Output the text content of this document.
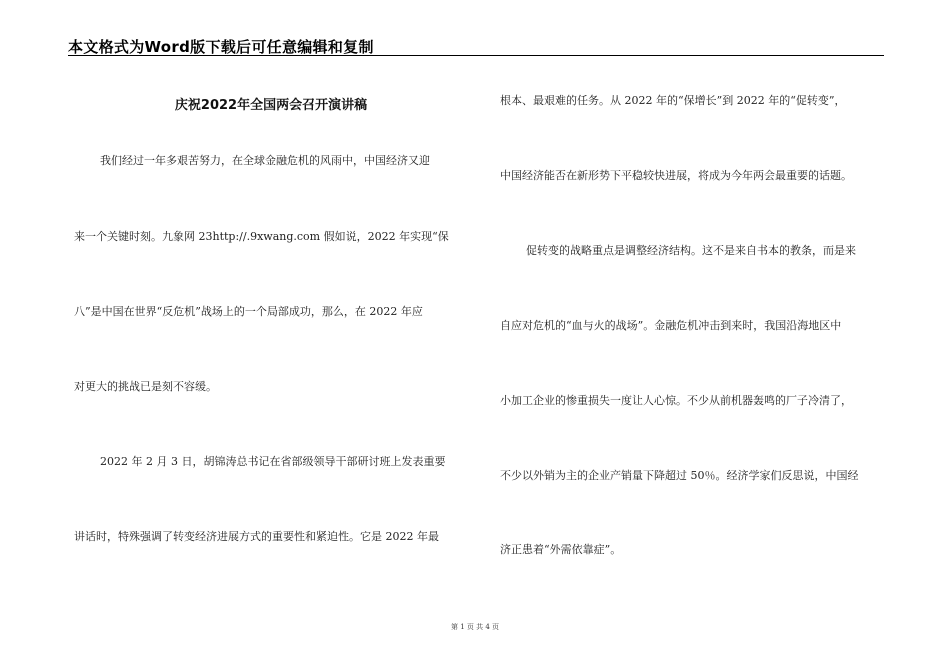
本文格式为Word版下载后可任意编辑和复制
庆祝2022年全国两会召开演讲稿
我们经过一年多艰苦努力，在全球金融危机的风雨中，中国经济又迎
来一个关键时刻。九象网 23http://.9xwang.com 假如说，2022 年实现“保
八”是中国在世界“反危机”战场上的一个局部成功，那么，在 2022 年应
对更大的挑战已是刻不容缓。
2022 年 2 月 3 日，胡锦涛总书记在省部级领导干部研讨班上发表重要
讲话时，特殊强调了转变经济进展方式的重要性和紧迫性。它是 2022 年最
根本、最艰难的任务。从 2022 年的“保增长”到 2022 年的“促转变”，
中国经济能否在新形势下平稳较快进展，将成为今年两会最重要的话题。
促转变的战略重点是调整经济结构。这不是来自书本的教条，而是来
自应对危机的“血与火的战场”。金融危机冲击到来时，我国沿海地区中
小加工企业的惨重损失一度让人心惊。不少从前机器轰鸣的厂子冷清了，
不少以外销为主的企业产销量下降超过 50％。经济学家们反思说，中国经
济正患着“外需依靠症”。
第 1 页 共 4 页
